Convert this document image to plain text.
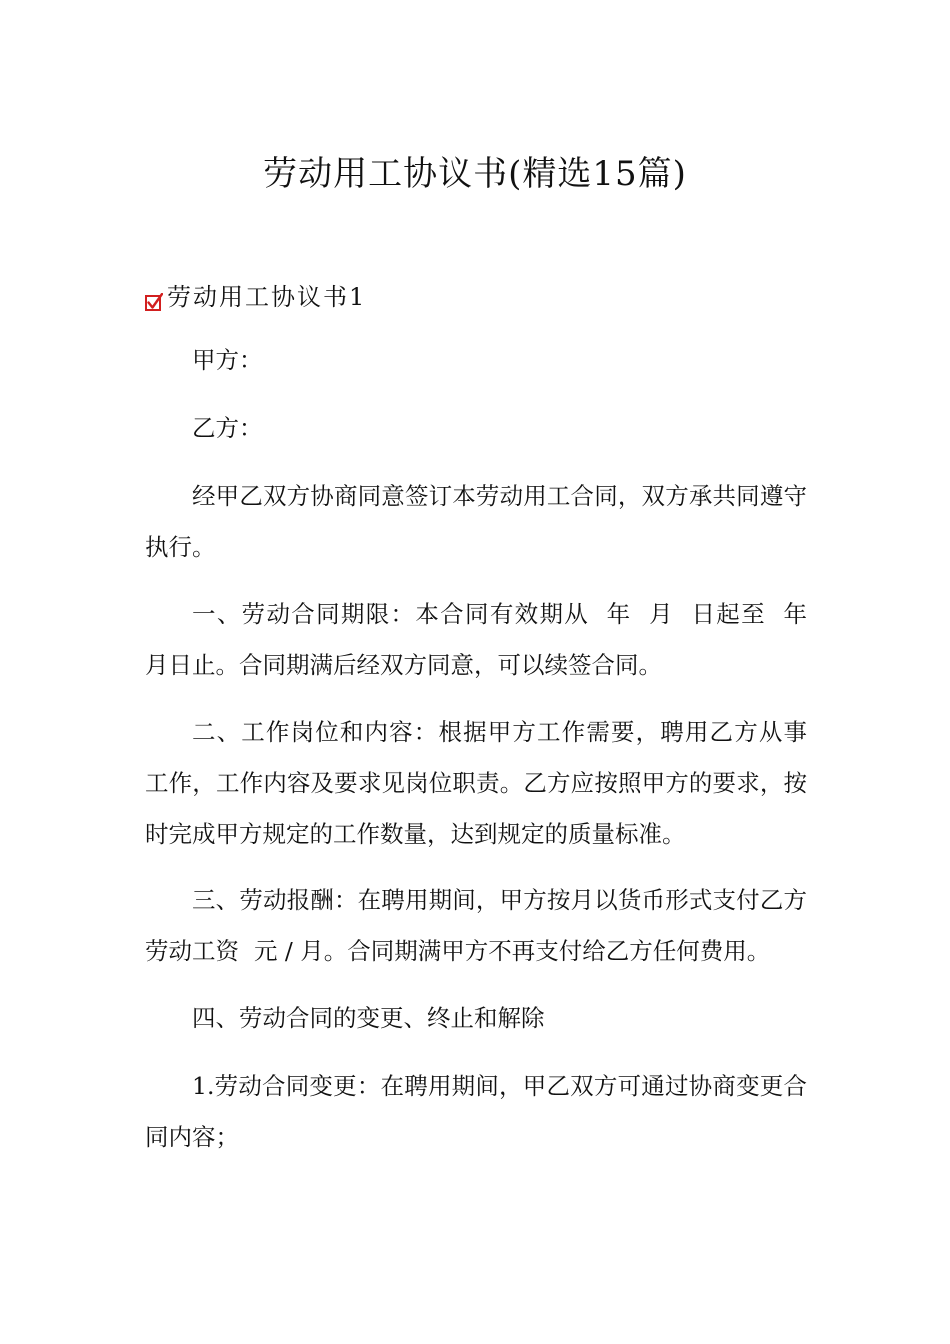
劳动用工协议书(精选15篇)
劳动用工协议书1

甲方：

乙方：

经甲乙双方协商同意签订本劳动用工合同，双方承共同遵守执行。

一、劳动合同期限：本合同有效期从  年  月  日起至  年  月日止。合同期满后经双方同意，可以续签合同。

二、工作岗位和内容：根据甲方工作需要，聘用乙方从事  工作，工作内容及要求见岗位职责。乙方应按照甲方的要求，按时完成甲方规定的工作数量，达到规定的质量标准。

三、劳动报酬：在聘用期间，甲方按月以货币形式支付乙方劳动工资  元 / 月。合同期满甲方不再支付给乙方任何费用。

四、劳动合同的变更、终止和解除

1.劳动合同变更：在聘用期间，甲乙双方可通过协商变更合同内容；
